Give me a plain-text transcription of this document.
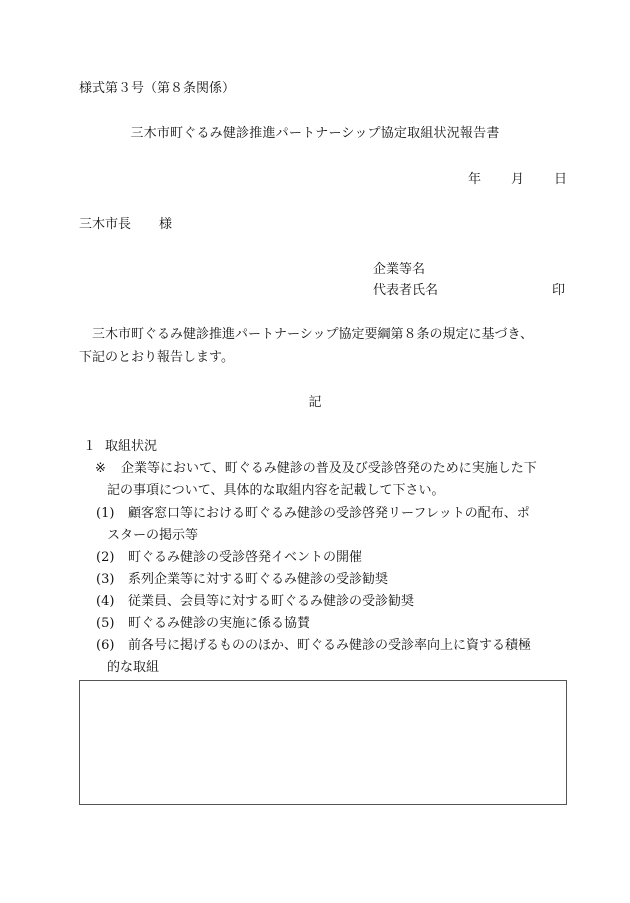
様式第３号（第８条関係）
三木市町ぐるみ健診推進パートナーシップ協定取組状況報告書
年 月 日
三木市長 様
企業等名
代表者氏名	印
　三木市町ぐるみ健診推進パートナーシップ協定要綱第８条の規定に基づき、
下記のとおり報告します。
記
１ 取組状況
※ 企業等において、町ぐるみ健診の普及及び受診啓発のために実施した下
記の事項について、具体的な取組内容を記載して下さい。
(1) 顧客窓口等における町ぐるみ健診の受診啓発リーフレットの配布、ポ
スターの掲示等
(2) 町ぐるみ健診の受診啓発イベントの開催
(3) 系列企業等に対する町ぐるみ健診の受診勧奨
(4) 従業員、会員等に対する町ぐるみ健診の受診勧奨
(5) 町ぐるみ健診の実施に係る協賛
(6) 前各号に掲げるもののほか、町ぐるみ健診の受診率向上に資する積極
的な取組
